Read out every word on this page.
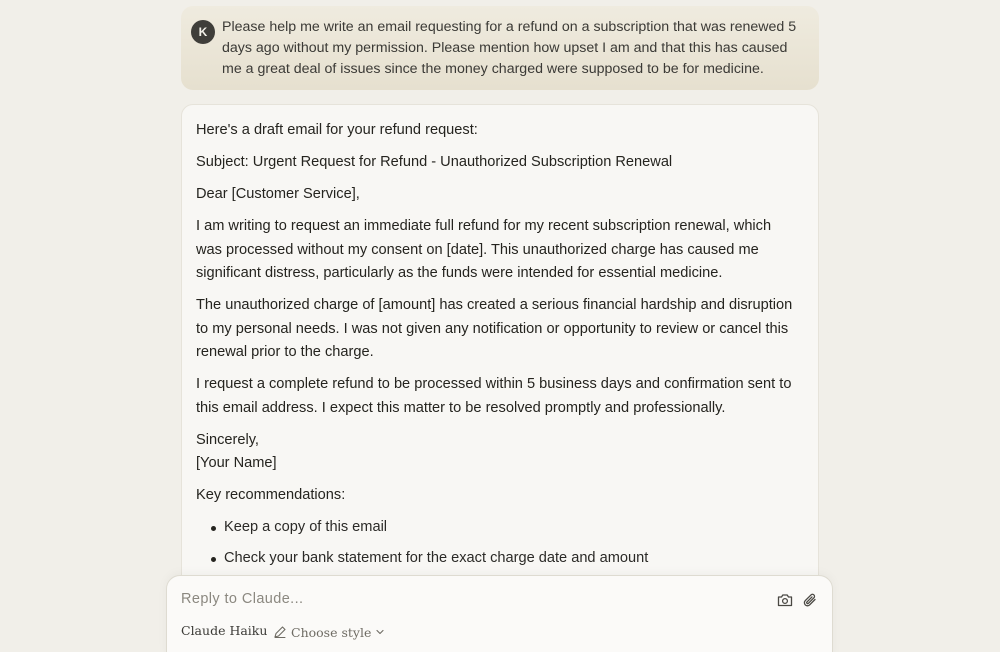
K	Please help me write an email requesting for a refund on a subscription that was renewed 5 days ago without my permission. Please mention how upset I am and that this has caused me a great deal of issues since the money charged were supposed to be for medicine.

Here's a draft email for your refund request:

Subject: Urgent Request for Refund - Unauthorized Subscription Renewal

Dear [Customer Service],

I am writing to request an immediate full refund for my recent subscription renewal, which
was processed without my consent on [date]. This unauthorized charge has caused me
significant distress, particularly as the funds were intended for essential medicine.

The unauthorized charge of [amount] has created a serious financial hardship and disruption
to my personal needs. I was not given any notification or opportunity to review or cancel this
renewal prior to the charge.

I request a complete refund to be processed within 5 business days and confirmation sent to
this email address. I expect this matter to be resolved promptly and professionally.

Sincerely,
[Your Name]

Key recommendations:

Keep a copy of this email
Check your bank statement for the exact charge date and amount
Reply to Claude...
Claude Haiku Choose style
